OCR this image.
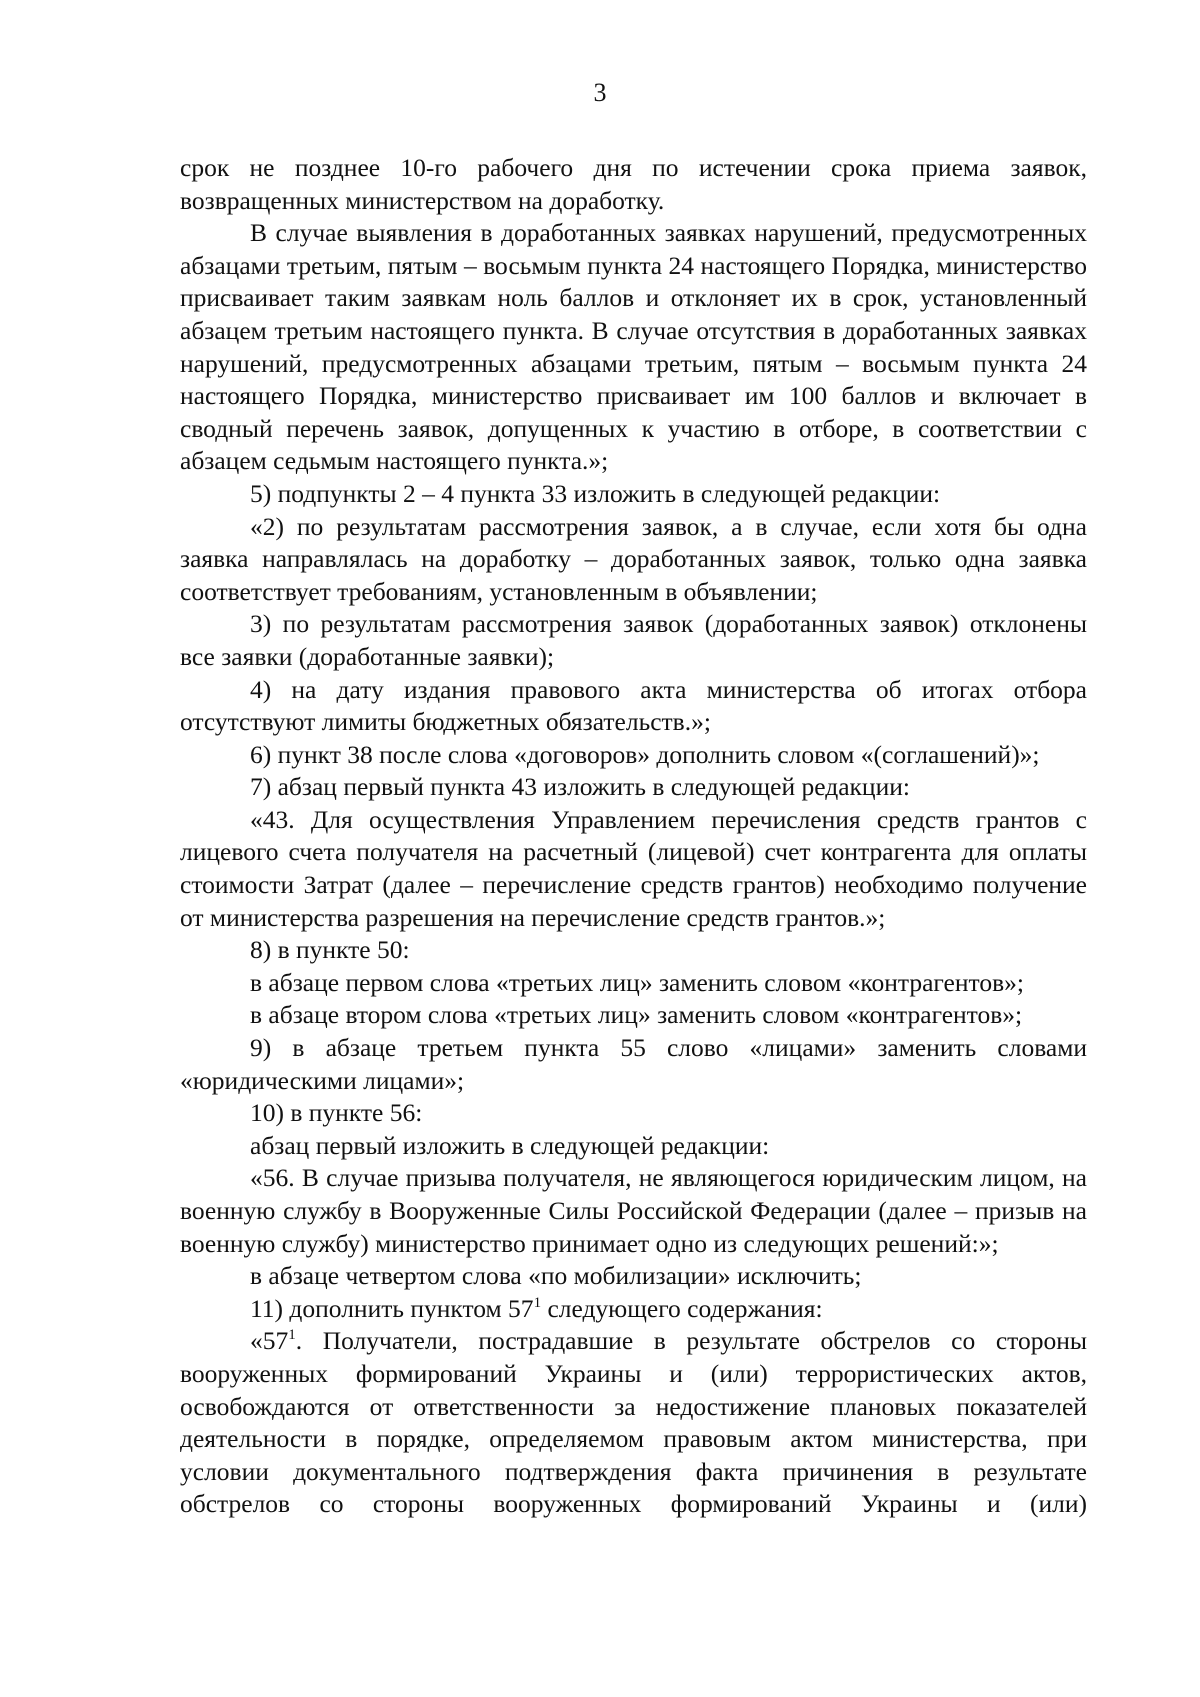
3

срок не позднее 10-го рабочего дня по истечении срока приема заявок, возвращенных министерством на доработку.

В случае выявления в доработанных заявках нарушений, предусмотренных абзацами третьим, пятым – восьмым пункта 24 настоящего Порядка, министерство присваивает таким заявкам ноль баллов и отклоняет их в срок, установленный абзацем третьим настоящего пункта. В случае отсутствия в доработанных заявках нарушений, предусмотренных абзацами третьим, пятым – восьмым пункта 24 настоящего Порядка, министерство присваивает им 100 баллов и включает в сводный перечень заявок, допущенных к участию в отборе, в соответствии с абзацем седьмым настоящего пункта.»;

5) подпункты 2 – 4 пункта 33 изложить в следующей редакции:

«2) по результатам рассмотрения заявок, а в случае, если хотя бы одна заявка направлялась на доработку – доработанных заявок, только одна заявка соответствует требованиям, установленным в объявлении;

3) по результатам рассмотрения заявок (доработанных заявок) отклонены все заявки (доработанные заявки);

4) на дату издания правового акта министерства об итогах отбора отсутствуют лимиты бюджетных обязательств.»;

6) пункт 38 после слова «договоров» дополнить словом «(соглашений)»;

7) абзац первый пункта 43 изложить в следующей редакции:

«43. Для осуществления Управлением перечисления средств грантов с лицевого счета получателя на расчетный (лицевой) счет контрагента для оплаты стоимости Затрат (далее – перечисление средств грантов) необходимо получение от министерства разрешения на перечисление средств грантов.»;

8) в пункте 50:

в абзаце первом слова «третьих лиц» заменить словом «контрагентов»;

в абзаце втором слова «третьих лиц» заменить словом «контрагентов»;

9) в абзаце третьем пункта 55 слово «лицами» заменить словами «юридическими лицами»;

10) в пункте 56:

абзац первый изложить в следующей редакции:

«56. В случае призыва получателя, не являющегося юридическим лицом, на военную службу в Вооруженные Силы Российской Федерации (далее – призыв на военную службу) министерство принимает одно из следующих решений:»;

в абзаце четвертом слова «по мобилизации» исключить;

11) дополнить пунктом $57^1$ следующего содержания:

«$57^1$. Получатели, пострадавшие в результате обстрелов со стороны вооруженных формирований Украины и (или) террористических актов, освобождаются от ответственности за недостижение плановых показателей деятельности в порядке, определяемом правовым актом министерства, при условии документального подтверждения факта причинения в результате обстрелов со стороны вооруженных формирований Украины и (или)
